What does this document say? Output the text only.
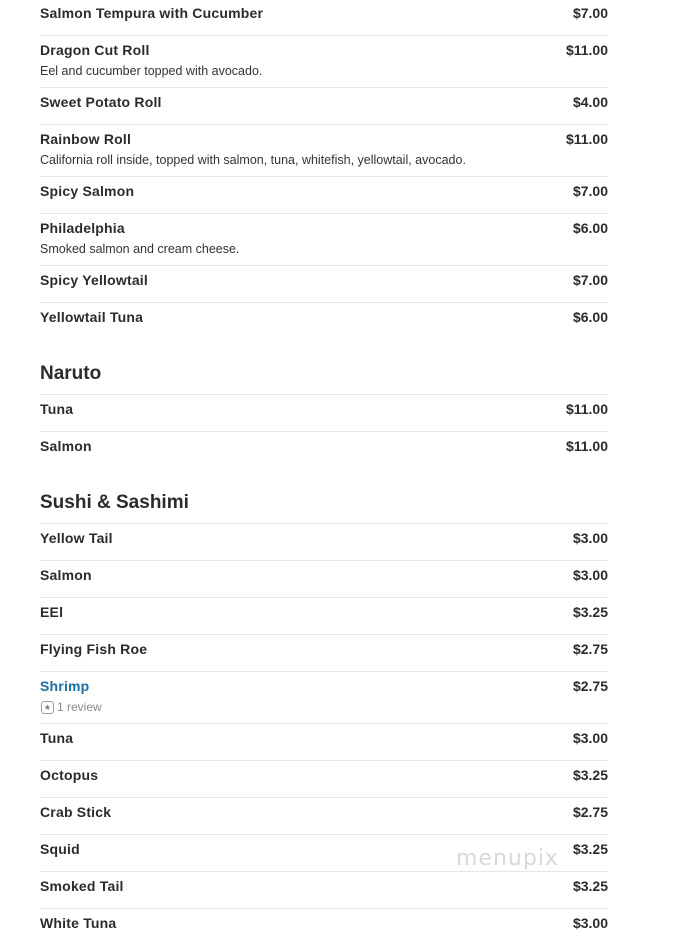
Salmon Tempura with Cucumber	$7.00
Dragon Cut Roll	$11.00
Eel and cucumber topped with avocado.
Sweet Potato Roll	$4.00
Rainbow Roll	$11.00
California roll inside, topped with salmon, tuna, whitefish, yellowtail, avocado.
Spicy Salmon	$7.00
Philadelphia	$6.00
Smoked salmon and cream cheese.
Spicy Yellowtail	$7.00
Yellowtail Tuna	$6.00
Naruto
Tuna	$11.00
Salmon	$11.00
Sushi & Sashimi
Yellow Tail	$3.00
Salmon	$3.00
EEl	$3.25
Flying Fish Roe	$2.75
Shrimp	$2.75
★ 1 review
Tuna	$3.00
Octopus	$3.25
Crab Stick	$2.75
Squid	$3.25
Smoked Tail	$3.25
White Tuna	$3.00
menupix
